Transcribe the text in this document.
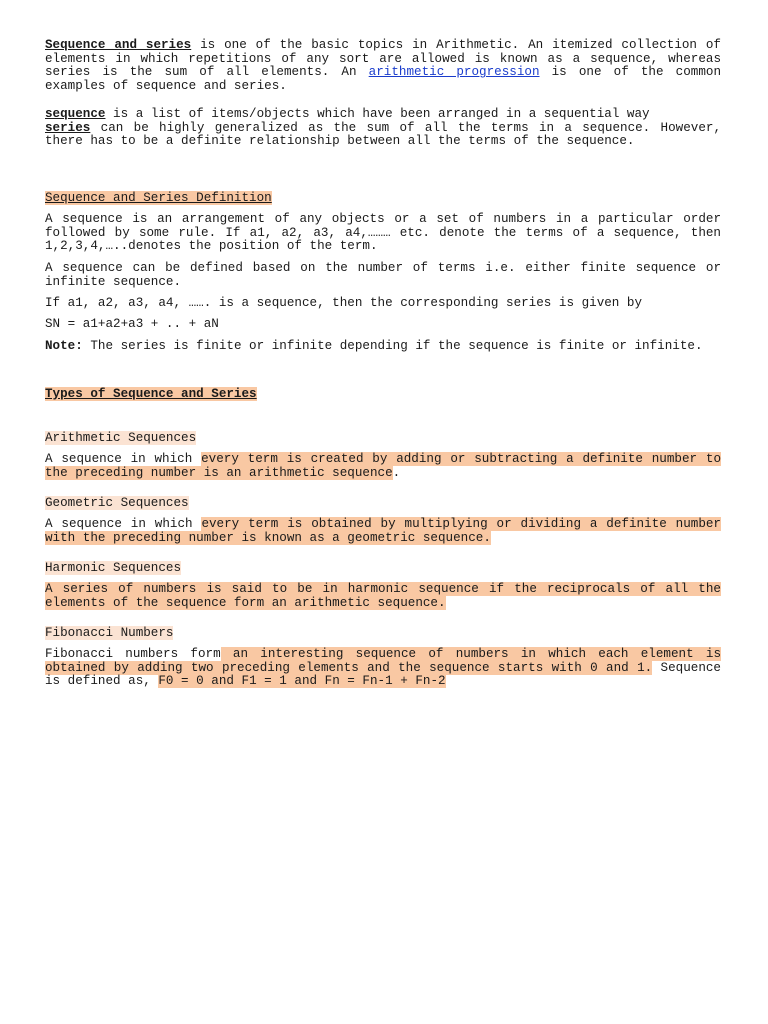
Sequence and series is one of the basic topics in Arithmetic. An itemized collection of elements in which repetitions of any sort are allowed is known as a sequence, whereas series is the sum of all elements. An arithmetic progression is one of the common examples of sequence and series.
sequence is a list of items/objects which have been arranged in a sequential way
series can be highly generalized as the sum of all the terms in a sequence. However, there has to be a definite relationship between all the terms of the sequence.
Sequence and Series Definition
A sequence is an arrangement of any objects or a set of numbers in a particular order followed by some rule. If a1, a2, a3, a4,……… etc. denote the terms of a sequence, then 1,2,3,4,…..denotes the position of the term.
A sequence can be defined based on the number of terms i.e. either finite sequence or infinite sequence.
If a1, a2, a3, a4, ……. is a sequence, then the corresponding series is given by
SN = a1+a2+a3 + .. + aN
Note: The series is finite or infinite depending if the sequence is finite or infinite.
Types of Sequence and Series
Arithmetic Sequences
A sequence in which every term is created by adding or subtracting a definite number to the preceding number is an arithmetic sequence.
Geometric Sequences
A sequence in which every term is obtained by multiplying or dividing a definite number with the preceding number is known as a geometric sequence.
Harmonic Sequences
A series of numbers is said to be in harmonic sequence if the reciprocals of all the elements of the sequence form an arithmetic sequence.
Fibonacci Numbers
Fibonacci numbers form an interesting sequence of numbers in which each element is obtained by adding two preceding elements and the sequence starts with 0 and 1. Sequence is defined as, F0 = 0 and F1 = 1 and Fn = Fn-1 + Fn-2
